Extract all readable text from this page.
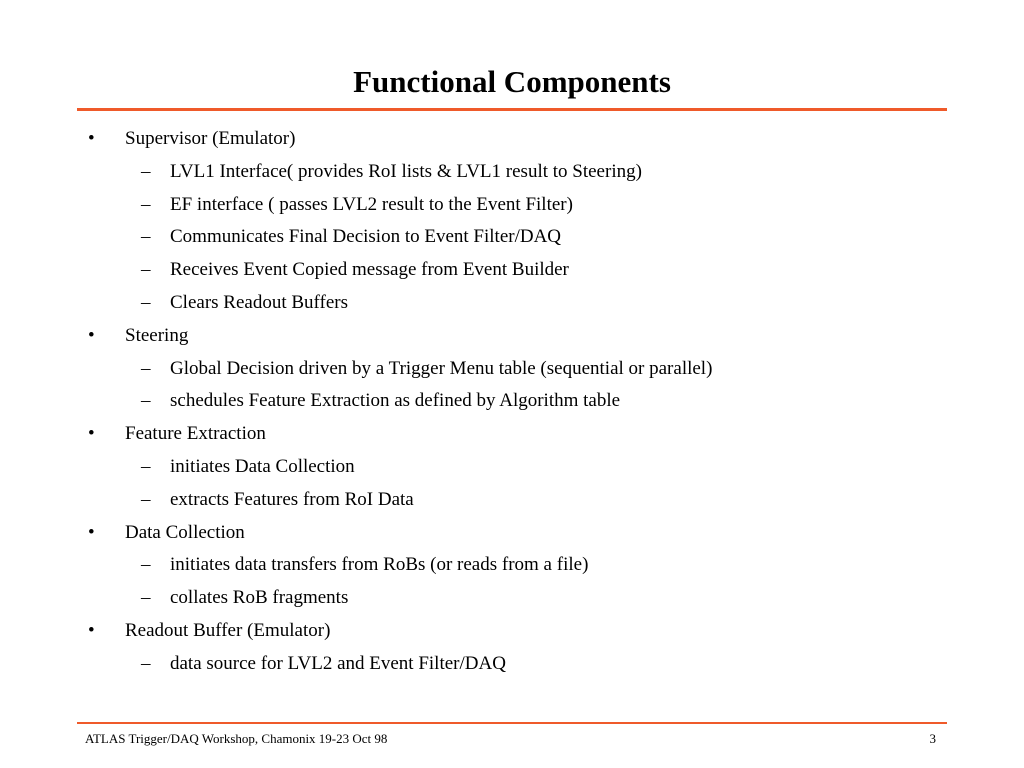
Functional Components
• Supervisor (Emulator)
– LVL1 Interface( provides RoI lists & LVL1 result to Steering)
– EF interface ( passes LVL2 result to the Event Filter)
– Communicates Final Decision to Event Filter/DAQ
– Receives Event Copied message from Event Builder
– Clears Readout Buffers
• Steering
– Global Decision driven by a Trigger Menu table (sequential or parallel)
– schedules Feature Extraction as defined by Algorithm table
• Feature Extraction
– initiates Data Collection
– extracts Features from RoI Data
• Data Collection
– initiates data transfers from RoBs (or reads from a file)
– collates RoB fragments
• Readout Buffer (Emulator)
– data source for LVL2 and Event Filter/DAQ
ATLAS Trigger/DAQ Workshop, Chamonix 19-23 Oct 98	3
